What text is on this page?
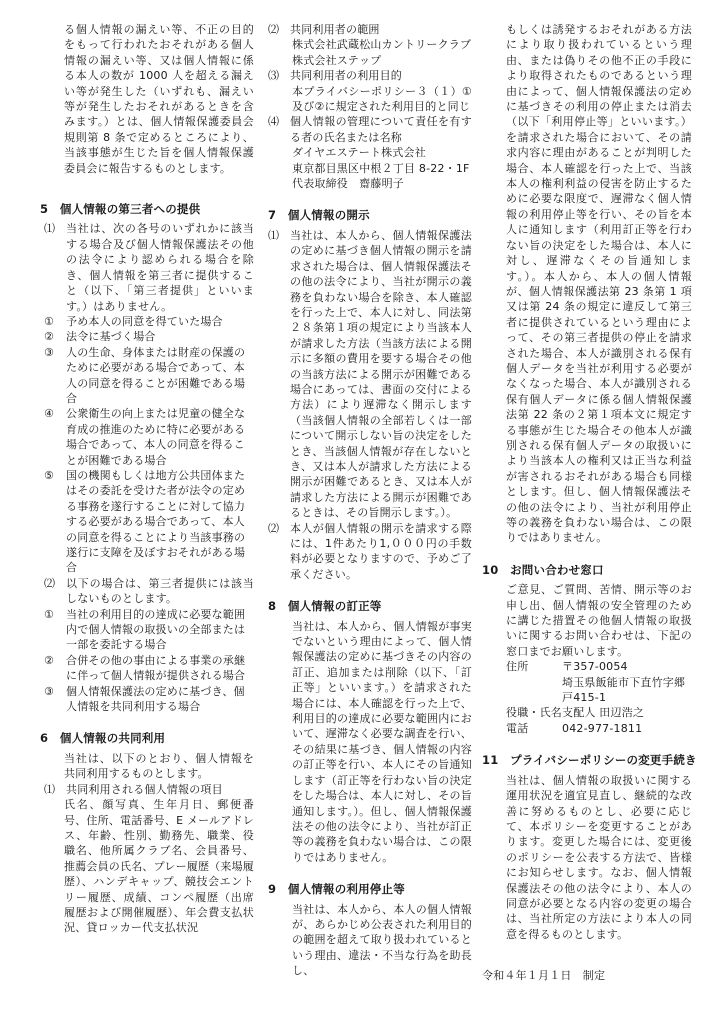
る個人情報の漏えい等、不正の目的をもって行われたおそれがある個人情報の漏えい等、又は個人情報に係る本人の数が 1000 人を超える漏えい等が発生した（いずれも、漏えい等が発生したおそれがあるときを含みます。）とは、個人情報保護委員会規則第 8 条で定めるところにより、当該事態が生じた旨を個人情報保護委員会に報告するものとします。

5　個人情報の第三者への提供

⑴ 当社は、次の各号のいずれかに該当する場合及び個人情報保護法その他の法令により認められる場合を除き、個人情報を第三者に提供すること（以下、「第三者提供」といいます。）はありません。
①	予め本人の同意を得ていた場合
②	法令に基づく場合
③	人の生命、身体または財産の保護のために必要がある場合であって、本人の同意を得ることが困難である場合
④	公衆衛生の向上または児童の健全な育成の推進のために特に必要がある場合であって、本人の同意を得ることが困難である場合
⑤	国の機関もしくは地方公共団体またはその委託を受けた者が法令の定める事務を遂行することに対して協力する必要がある場合であって、本人の同意を得ることにより当該事務の遂行に支障を及ぼすおそれがある場合
⑵ 以下の場合は、第三者提供には該当しないものとします。
①	当社の利用目的の達成に必要な範囲内で個人情報の取扱いの全部または一部を委託する場合
②	合併その他の事由による事業の承継に伴って個人情報が提供される場合
③	個人情報保護法の定めに基づき、個人情報を共同利用する場合

6　個人情報の共同利用

当社は、以下のとおり、個人情報を共同利用するものとします。

⑴ 共同利用される個人情報の項目

氏名、顔写真、生年月日、郵便番号、住所、電話番号、E メールアドレス、年齢、性別、勤務先、職業、役職名、他所属クラブ名、会員番号、推薦会員の氏名、プレー履歴（来場履歴）、ハンデキャップ、競技会エントリー履歴、成績、コンペ履歴（出席履歴および開催履歴）、年会費支払状況、貸ロッカー代支払状況

⑵ 共同利用者の範囲

株式会社武蔵松山カントリークラブ

株式会社ステップ

⑶ 共同利用者の利用目的

本プライバシーポリシー３（１）①及び②に規定された利用目的と同じ

⑷ 個人情報の管理について責任を有する者の氏名または名称

ダイヤエステート株式会社

東京都目黒区中根２丁目 8-22・1F

代表取締役　齋藤明子

7　個人情報の開示

⑴ 当社は、本人から、個人情報保護法の定めに基づき個人情報の開示を請求された場合は、個人情報保護法その他の法令により、当社が開示の義務を負わない場合を除き、本人確認を行った上で、本人に対し、同法第２８条第１項の規定により当該本人が請求した方法（当該方法による開示に多額の費用を要する場合その他の当該方法による開示が困難である場合にあっては、書面の交付による方法）により遅滞なく開示します（当該個人情報の全部若しくは一部について開示しない旨の決定をしたとき、当該個人情報が存在しないとき、又は本人が請求した方法による開示が困難であるとき、又は本人が請求した方法による開示が困難であるときは、その旨開示します。）。
⑵ 本人が個人情報の開示を請求する際には、1件あたり1,０００円の手数料が必要となりますので、予めご了承ください。

8　個人情報の訂正等

当社は、本人から、個人情報が事実でないという理由によって、個人情報保護法の定めに基づきその内容の訂正、追加または削除（以下、「訂正等」といいます。）を請求された場合には、本人確認を行った上で、利用目的の達成に必要な範囲内において、遅滞なく必要な調査を行い、その結果に基づき、個人情報の内容の訂正等を行い、本人にその旨通知します（訂正等を行わない旨の決定をした場合は、本人に対し、その旨通知します。）。但し、個人情報保護法その他の法令により、当社が訂正等の義務を負わない場合は、この限りではありません。

9　個人情報の利用停止等

当社は、本人から、本人の個人情報が、あらかじめ公表された利用目的の範囲を超えて取り扱われているという理由、違法・不当な行為を助長し、

もしくは誘発するおそれがある方法により取り扱われているという理由、または偽りその他不正の手段により取得されたものであるという理由によって、個人情報保護法の定めに基づきその利用の停止または消去（以下「利用停止等」といいます。）を請求された場合において、その請求内容に理由があることが判明した場合、本人確認を行った上で、当該本人の権利利益の侵害を防止するために必要な限度で、遅滞なく個人情報の利用停止等を行い、その旨を本人に通知します（利用訂正等を行わない旨の決定をした場合は、本人に対し、遅滞なくその旨通知します。）。本人から、本人の個人情報が、個人情報保護法第 23 条第 1 項又は第 24 条の規定に違反して第三者に提供されているという理由によって、その第三者提供の停止を請求された場合、本人が識別される保有個人データを当社が利用する必要がなくなった場合、本人が識別される保有個人データに係る個人情報保護法第 22 条の２第１項本文に規定する事態が生じた場合その他本人が識別される保有個人データの取扱いにより当該本人の権利又は正当な利益が害されるおそれがある場合も同様とします。但し、個人情報保護法その他の法令により、当社が利用停止等の義務を負わない場合は、この限りではありません。

10　お問い合わせ窓口

ご意見、ご質問、苦情、開示等のお申し出、個人情報の安全管理のために講じた措置その他個人情報の取扱いに関するお問い合わせは、下記の窓口までお願いします。

住所	〒357-0054
埼玉県飯能市下直竹字郷戸415-1
役職・氏名 支配人 田辺浩之
電話	042-977-1811

11　プライバシーポリシーの変更手続き

当社は、個人情報の取扱いに関する運用状況を適宜見直し、継続的な改善に努めるものとし、必要に応じて、本ポリシーを変更することがあります。変更した場合には、変更後のポリシーを公表する方法で、皆様にお知らせします。なお、個人情報保護法その他の法令により、本人の同意が必要となる内容の変更の場合は、当社所定の方法により本人の同意を得るものとします。

令和４年１月１日　制定
